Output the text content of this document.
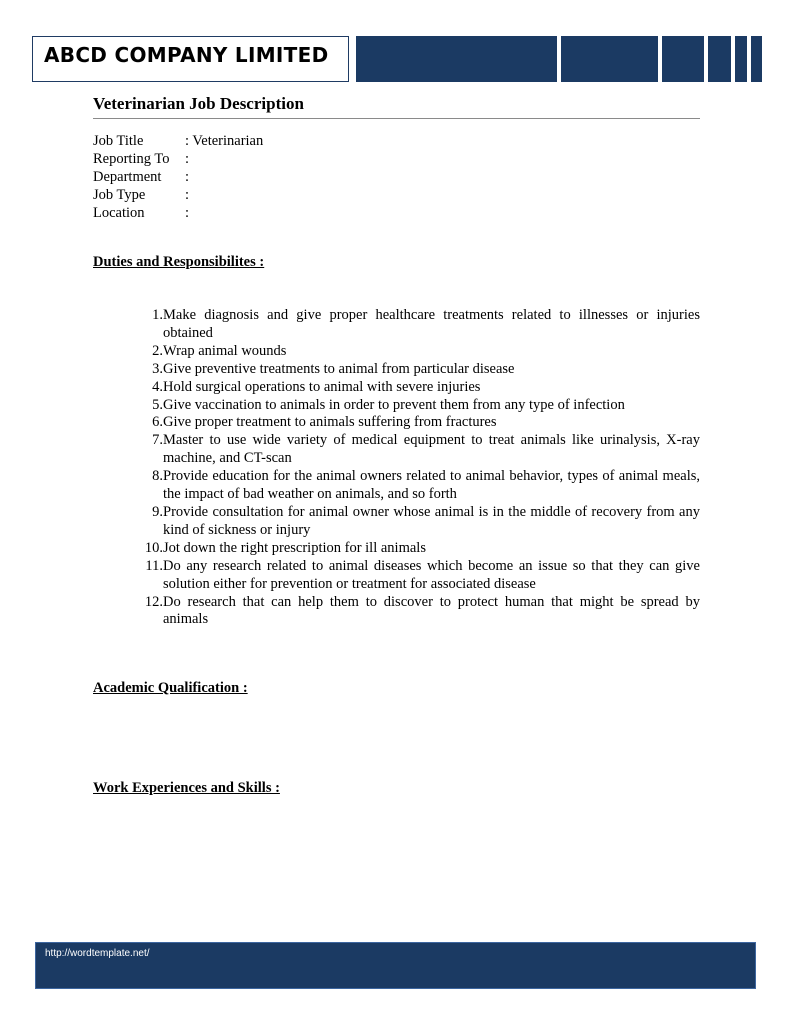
ABCD COMPANY LIMITED
Veterinarian Job Description
Job Title	: Veterinarian
Reporting To	:
Department	:
Job Type	:
Location	:
Duties and Responsibilites :
1. Make diagnosis and give proper healthcare treatments related to illnesses or injuries obtained
2. Wrap animal wounds
3. Give preventive treatments to animal from particular disease
4. Hold surgical operations to animal with severe injuries
5. Give vaccination to animals in order to prevent them from any type of infection
6. Give proper treatment to animals suffering from fractures
7. Master to use wide variety of medical equipment to treat animals like urinalysis, X-ray machine, and CT-scan
8. Provide education for the animal owners related to animal behavior, types of animal meals, the impact of bad weather on animals, and so forth
9. Provide consultation for animal owner whose animal is in the middle of recovery from any kind of sickness or injury
10. Jot down the right prescription for ill animals
11. Do any research related to animal diseases which become an issue so that they can give solution either for prevention or treatment for associated disease
12. Do research that can help them to discover to protect human that might be spread by animals
Academic Qualification :
Work Experiences and Skills :
http://wordtemplate.net/
